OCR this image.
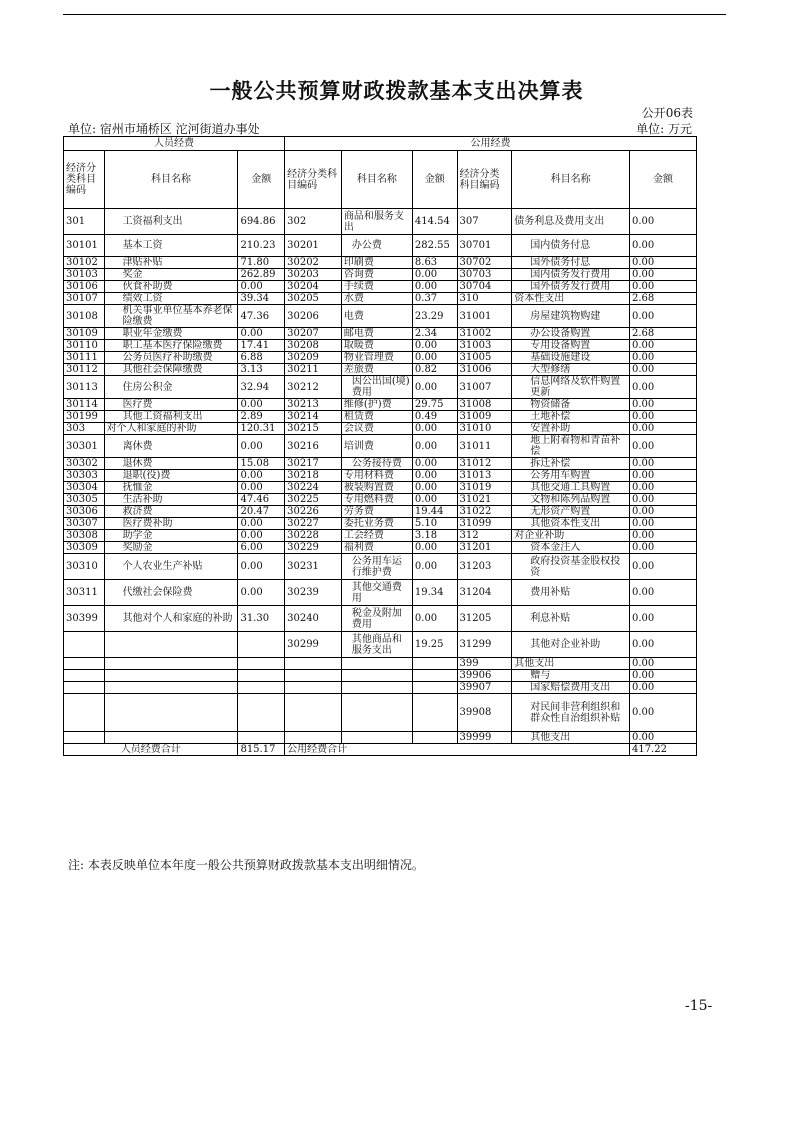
一般公共预算财政拨款基本支出决算表
公开06表
单位: 宿州市埇桥区 沱河街道办事处	单位: 万元
人员经费			公用经费					
经济分类科目编码	科目名称	金额	经济分类科目编码	科目名称	金额	经济分类科目编码	科目名称	金额
301	工资福利支出	694.86	302	商品和服务支出	414.54	307	债务利息及费用支出	0.00
30101	基本工资	210.23	30201	办公费	282.55	30701	国内债务付息	0.00
30102	津贴补贴	71.80	30202	印刷费	8.63	30702	国外债务付息	0.00
30103	奖金	262.89	30203	咨询费	0.00	30703	国内债务发行费用	0.00
30106	伙食补助费	0.00	30204	手续费	0.00	30704	国外债务发行费用	0.00
30107	绩效工资	39.34	30205	水费	0.37	310	资本性支出	2.68
30108	机关事业单位基本养老保险缴费	47.36	30206	电费	23.29	31001	房屋建筑物购建	0.00
30109	职业年金缴费	0.00	30207	邮电费	2.34	31002	办公设备购置	2.68
30110	职工基本医疗保险缴费	17.41	30208	取暖费	0.00	31003	专用设备购置	0.00
30111	公务员医疗补助缴费	6.88	30209	物业管理费	0.00	31005	基础设施建设	0.00
30112	其他社会保障缴费	3.13	30211	差旅费	0.82	31006	大型修缮	0.00
30113	住房公积金	32.94	30212	因公出国(境)费用	0.00	31007	信息网络及软件购置更新	0.00
30114	医疗费	0.00	30213	维修(护)费	29.75	31008	物资储备	0.00
30199	其他工资福利支出	2.89	30214	租赁费	0.49	31009	土地补偿	0.00
303	对个人和家庭的补助	120.31	30215	会议费	0.00	31010	安置补助	0.00
30301	离休费	0.00	30216	培训费	0.00	31011	地上附着物和青苗补偿	0.00
30302	退休费	15.08	30217	公务接待费	0.00	31012	拆迁补偿	0.00
30303	退职(役)费	0.00	30218	专用材料费	0.00	31013	公务用车购置	0.00
30304	抚恤金	0.00	30224	被装购置费	0.00	31019	其他交通工具购置	0.00
30305	生活补助	47.46	30225	专用燃料费	0.00	31021	文物和陈列品购置	0.00
30306	救济费	20.47	30226	劳务费	19.44	31022	无形资产购置	0.00
30307	医疗费补助	0.00	30227	委托业务费	5.10	31099	其他资本性支出	0.00
30308	助学金	0.00	30228	工会经费	3.18	312	对企业补助	0.00
30309	奖励金	6.00	30229	福利费	0.00	31201	资本金注入	0.00
30310	个人农业生产补贴	0.00	30231	公务用车运行维护费	0.00	31203	政府投资基金股权投资	0.00
30311	代缴社会保险费	0.00	30239	其他交通费用	19.34	31204	费用补贴	0.00
30399	其他对个人和家庭的补助	31.30	30240	税金及附加费用	0.00	31205	利息补贴	0.00
			30299	其他商品和服务支出	19.25	31299	其他对企业补助	0.00
						399	其他支出	0.00
						39906	赠与	0.00
						39907	国家赔偿费用支出	0.00
						39908	对民间非营利组织和群众性自治组织补贴	0.00
						39999	其他支出	0.00
人员经费合计		815.17	公用经费合计					417.22
注: 本表反映单位本年度一般公共预算财政拨款基本支出明细情况。
-15-
